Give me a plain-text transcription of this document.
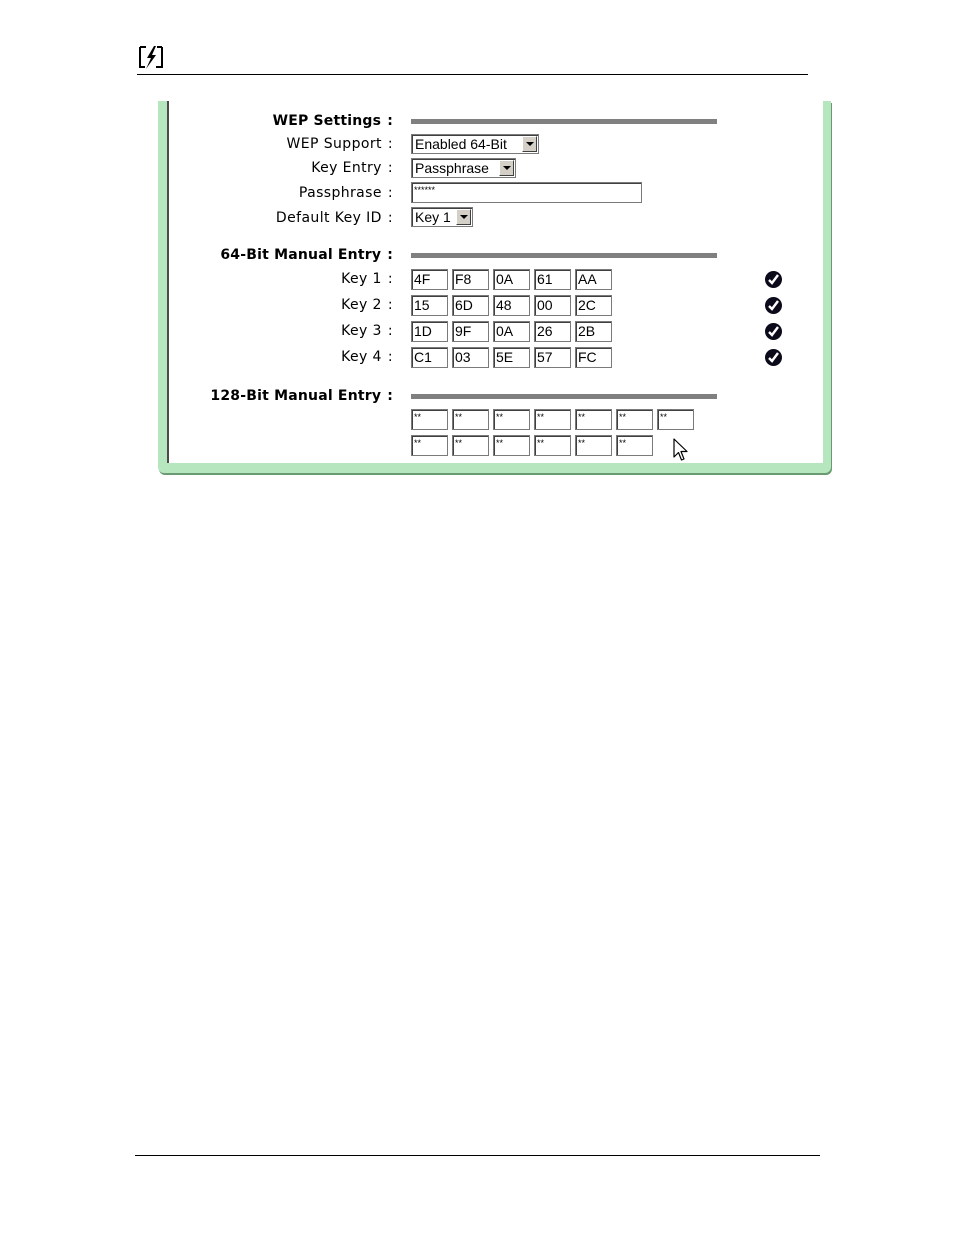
WEP Settings :
WEP Support : Enabled 64-Bit
Key Entry : Passphrase
Passphrase :	******
Default Key ID : Key 1
64-Bit Manual Entry :
Key 1 : 4F	F8	0A	61	AA
Key 2 : 15	6D	48	00	2C
Key 3 : 1D	9F	0A	26	2B
Key 4 : C1	03	5E	57	FC
128-Bit Manual Entry :
**	**	**	**	**	**	**
**	**	**	**	**	**
